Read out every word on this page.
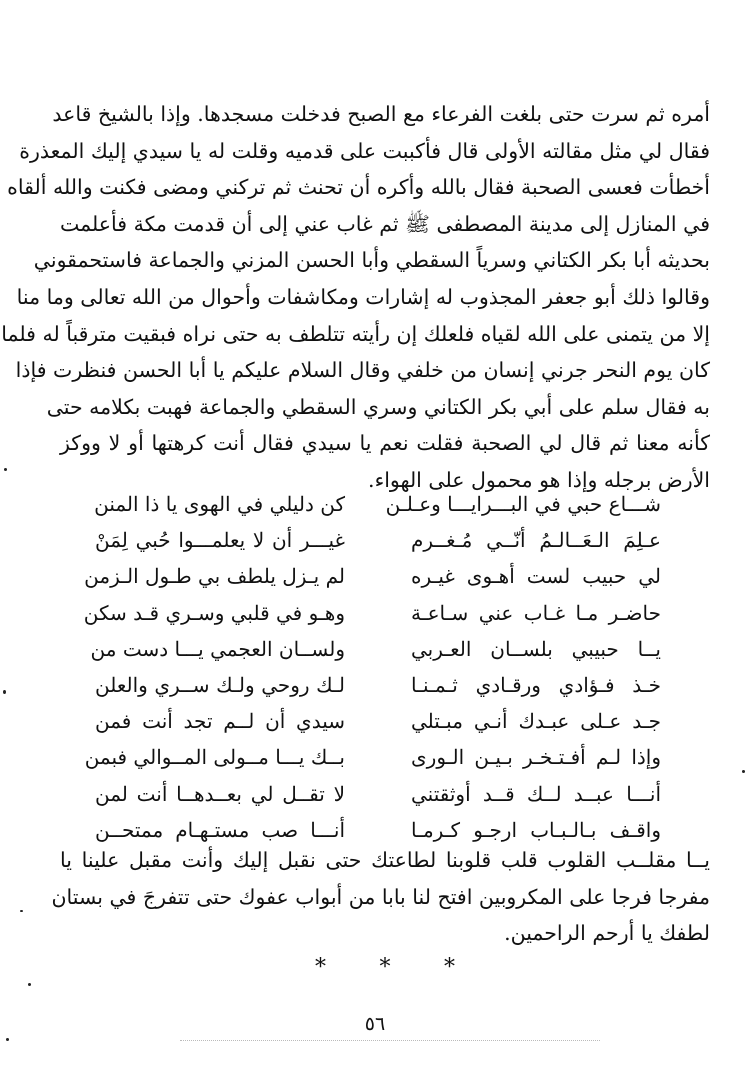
أمره ثم سرت حتى بلغت الفرعاء مع الصبح فدخلت مسجدها. وإذا بالشيخ قاعد
فقال لي مثل مقالته الأولى قال فأكببت على قدميه وقلت له يا سيدي إليك المعذرة
أخطأت فعسى الصحبة فقال بالله وأكره أن تحنث ثم تركني ومضى فكنت والله ألقاه
في المنازل إلى مدينة المصطفى ﷺ ثم غاب عني إلى أن قدمت مكة فأعلمت
بحديثه أبا بكر الكتاني وسرياً السقطي وأبا الحسن المزني والجماعة فاستحمقوني
وقالوا ذلك أبو جعفر المجذوب له إشارات ومكاشفات وأحوال من الله تعالى وما منا
إلا من يتمنى على الله لقياه فلعلك إن رأيته تتلطف به حتى نراه فبقيت مترقباً له فلما
كان يوم النحر جرني إنسان من خلفي وقال السلام عليكم يا أبا الحسن فنظرت فإذا
به فقال سلم على أبي بكر الكتاني وسري السقطي والجماعة فهبت بكلامه حتى
كأنه معنا ثم قال لي الصحبة فقلت نعم يا سيدي فقال أنت كرهتها أو لا ووكز
الأرض برجله وإذا هو محمول على الهواء.
شـــاع حبي في البـــرايـــا وعـلـن
كن دليلي في الهوى يا ذا المنن
عـلِمَ الـعَــالـمُ أنّــي مُـغــرم
غيـــر أن لا يعلمـــوا حُبي لِمَنْ
لي حبيب لست أهـوى غيـره
لم يـزل يلطف بي طـول الـزمن
حاضـر مـا غـاب عني سـاعـة
وهـو في قلبي وسـري قـد سكن
يــا حبيبي بلســان العـربي
ولســان العجمي يـــا دست من
خـذ فـؤادي ورقـادي ثـمـنـا
لـك روحي ولـك ســري والعلن
جـد عـلى عبـدك أنـي مبـتلي
سيدي أن لــم تجد أنت فمن
وإذا لـم أفـتـخـر بـيـن الـورى
بــك يـــا مــولى المــوالي فبمن
أنـــا عبــد لــك قــد أوثقتني
لا تقــل لي بعــدهــا أنت لمن
واقـف بـالـبـاب ارجـو كـرمـا
أنـــا صب مستـهـام ممتحــن
يــا مقلــب القلوب قلب قلوبنا لطاعتك حتى نقبل إليك وأنت مقبل علينا يا
مفرجا فرجا على المكروبين افتح لنا بابا من أبواب عفوك حتى تتفرجَ في بستان
لطفك يا أرحم الراحمين.
* * *
٥٦
